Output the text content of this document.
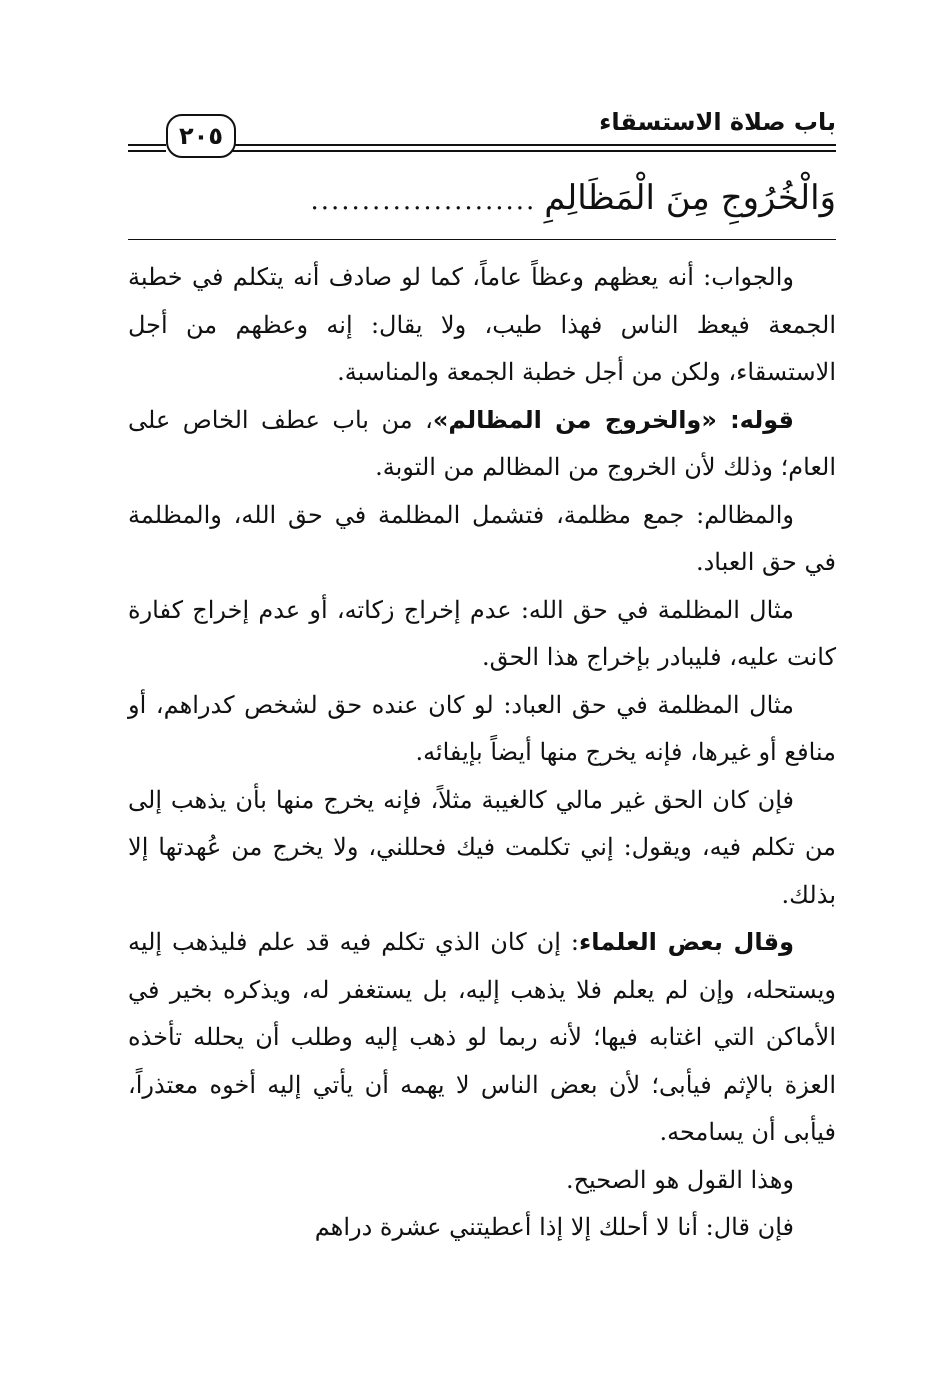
باب صلاة الاستسقاء
٢٠٥
وَالْخُرُوجِ مِنَ الْمَظَالِمِ......................

والجواب: أنه يعظهم وعظاً عاماً، كما لو صادف أنه يتكلم في خطبة الجمعة فيعظ الناس فهذا طيب، ولا يقال: إنه وعظهم من أجل الاستسقاء، ولكن من أجل خطبة الجمعة والمناسبة.

قوله: «والخروج من المظالم»، من باب عطف الخاص على العام؛ وذلك لأن الخروج من المظالم من التوبة.

والمظالم: جمع مظلمة، فتشمل المظلمة في حق الله، والمظلمة في حق العباد.

مثال المظلمة في حق الله: عدم إخراج زكاته، أو عدم إخراج كفارة كانت عليه، فليبادر بإخراج هذا الحق.

مثال المظلمة في حق العباد: لو كان عنده حق لشخص كدراهم، أو منافع أو غيرها، فإنه يخرج منها أيضاً بإيفائه.

فإن كان الحق غير مالي كالغيبة مثلاً، فإنه يخرج منها بأن يذهب إلى من تكلم فيه، ويقول: إني تكلمت فيك فحللني، ولا يخرج من عُهدتها إلا بذلك.

وقال بعض العلماء: إن كان الذي تكلم فيه قد علم فليذهب إليه ويستحله، وإن لم يعلم فلا يذهب إليه، بل يستغفر له، ويذكره بخير في الأماكن التي اغتابه فيها؛ لأنه ربما لو ذهب إليه وطلب أن يحلله تأخذه العزة بالإثم فيأبى؛ لأن بعض الناس لا يهمه أن يأتي إليه أخوه معتذراً، فيأبى أن يسامحه.

وهذا القول هو الصحيح.

فإن قال: أنا لا أحلك إلا إذا أعطيتني عشرة دراهم
